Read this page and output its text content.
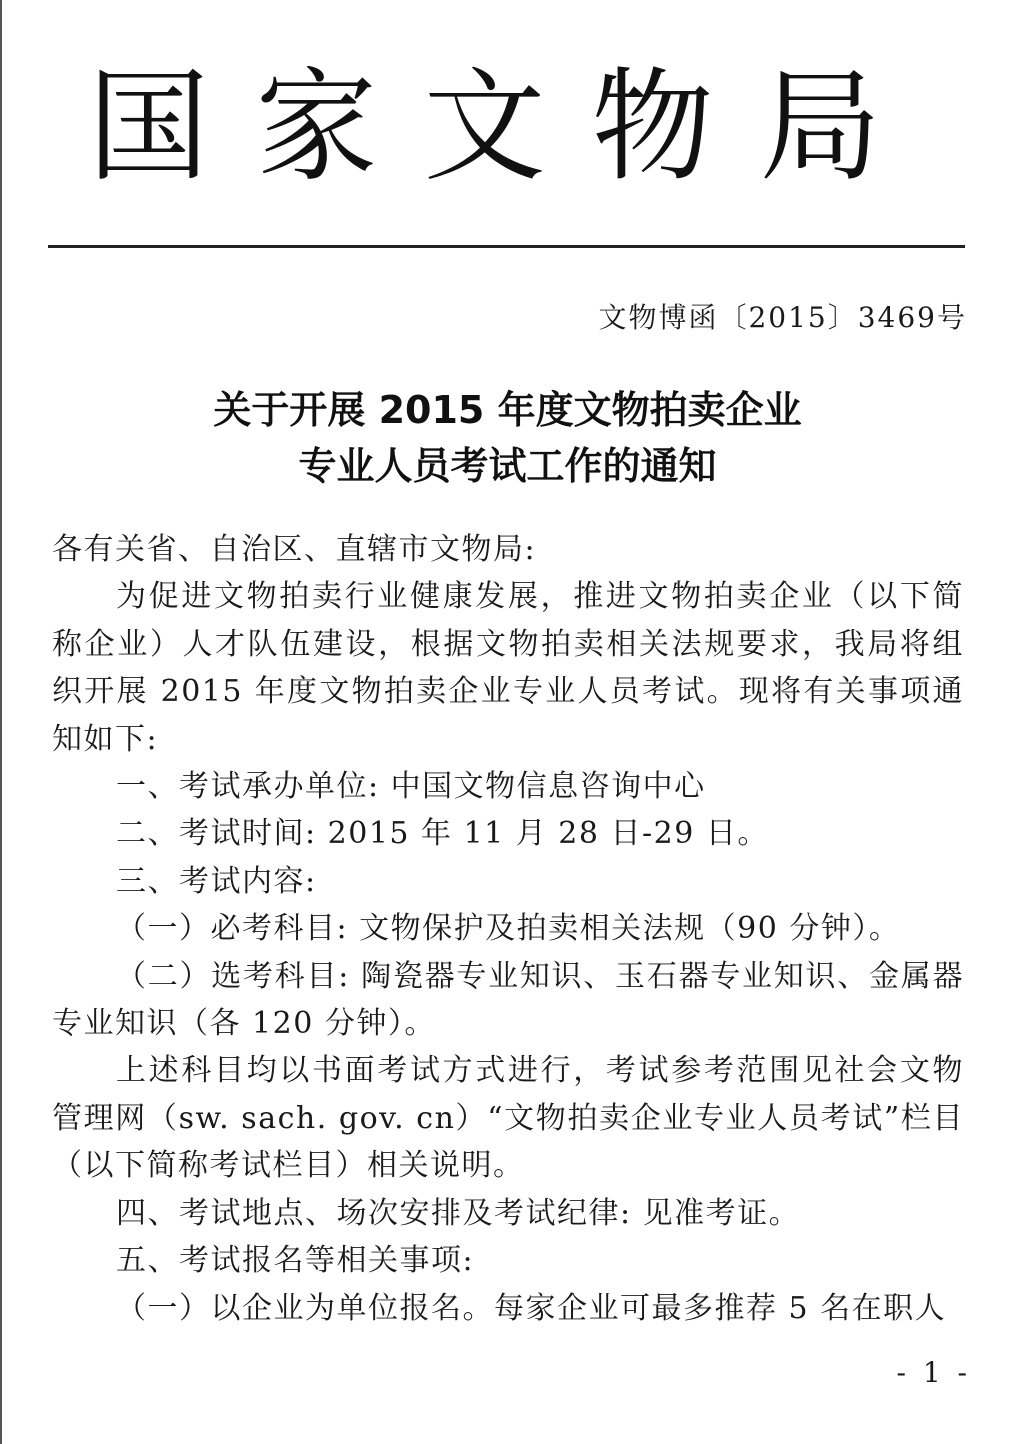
国家文物局
文物博函〔2015〕3469号
关于开展 2015 年度文物拍卖企业
专业人员考试工作的通知

各有关省、自治区、直辖市文物局:

为促进文物拍卖行业健康发展，推进文物拍卖企业（以下简称企业）人才队伍建设，根据文物拍卖相关法规要求，我局将组织开展 2015 年度文物拍卖企业专业人员考试。现将有关事项通知如下:

一、考试承办单位: 中国文物信息咨询中心

二、考试时间: 2015 年 11 月 28 日-29 日。

三、考试内容:

（一）必考科目: 文物保护及拍卖相关法规（90 分钟）。

（二）选考科目: 陶瓷器专业知识、玉石器专业知识、金属器专业知识（各 120 分钟）。

上述科目均以书面考试方式进行，考试参考范围见社会文物管理网（sw. sach. gov. cn）“文物拍卖企业专业人员考试”栏目（以下简称考试栏目）相关说明。

四、考试地点、场次安排及考试纪律: 见准考证。

五、考试报名等相关事项:

（一）以企业为单位报名。每家企业可最多推荐 5 名在职人

- 1 -
